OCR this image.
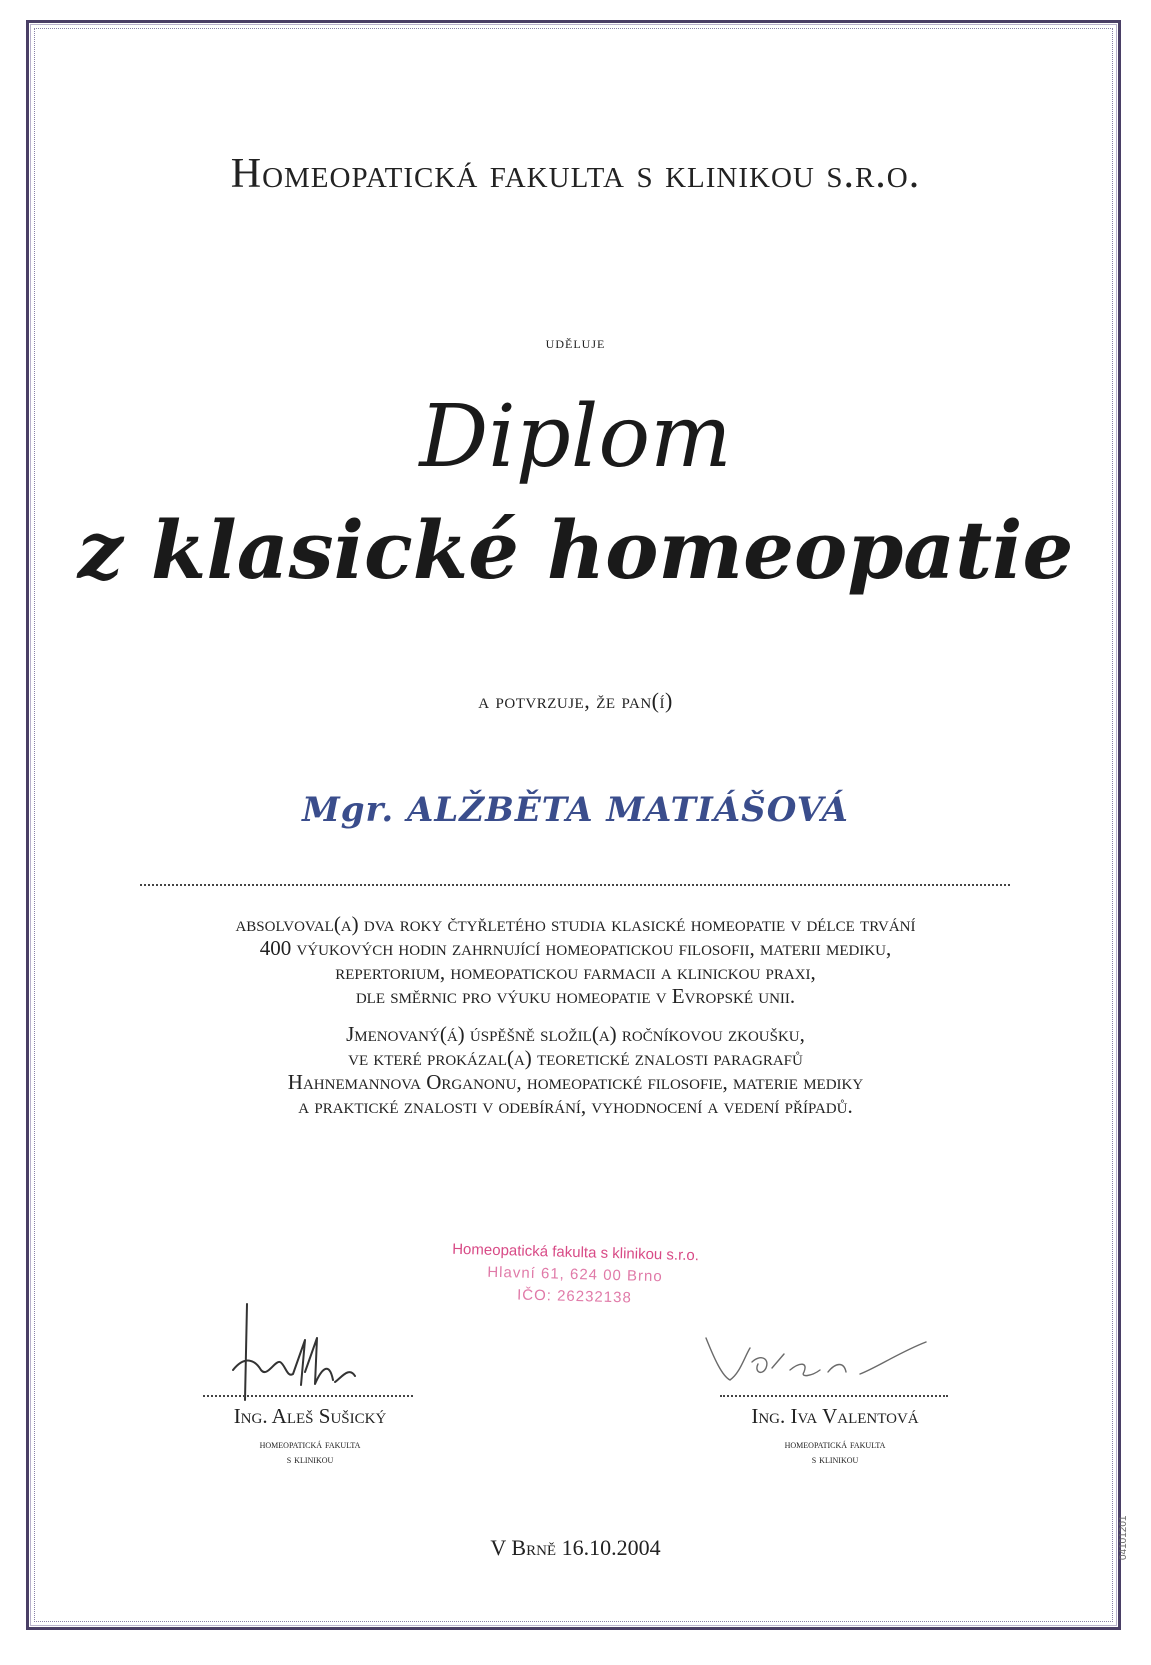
Homeopatická fakulta s klinikou s.r.o.
uděluje
Diplom
z klasické homeopatie
a potvrzuje, že pan(í)
Mgr. ALŽBĚTA MATIÁŠOVÁ
absolvoval(a) dva roky čtyřletého studia klasické homeopatie v délce trvání
400 výukových hodin zahrnující homeopatickou filosofii, materii mediku,
repertorium, homeopatickou farmacii a klinickou praxi,
dle směrnic pro výuku homeopatie v Evropské unii.
Jmenovaný(á) úspěšně složil(a) ročníkovou zkoušku,
ve které prokázal(a) teoretické znalosti paragrafů
Hahnemannova Organonu, homeopatické filosofie, materie mediky
a praktické znalosti v odebírání, vyhodnocení a vedení případů.
Homeopatická fakulta s klinikou s.r.o.
Hlavní 61, 624 00 Brno
IČO: 26232138
Ing. Aleš Sušický
homeopatická fakulta
s klinikou
Ing. Iva Valentová
homeopatická fakulta
s klinikou
V Brně 16.10.2004	04101201
